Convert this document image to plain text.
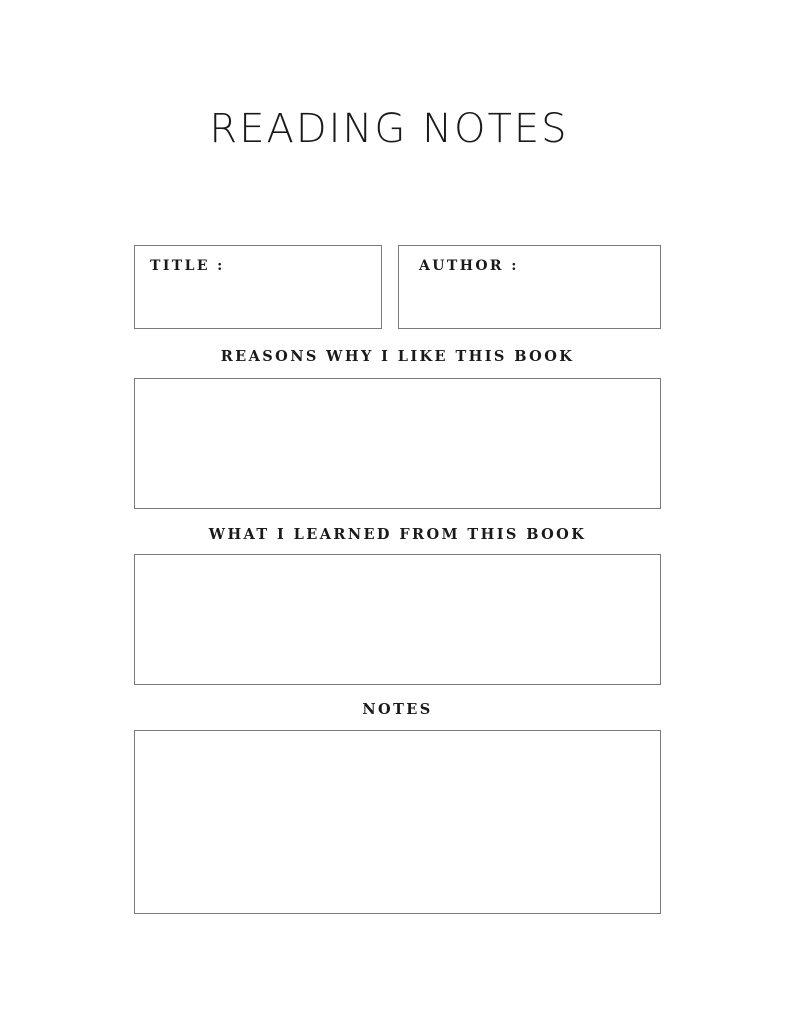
READING NOTES
TITLE :	AUTHOR :
REASONS WHY I LIKE THIS BOOK
WHAT I LEARNED FROM THIS BOOK
NOTES
